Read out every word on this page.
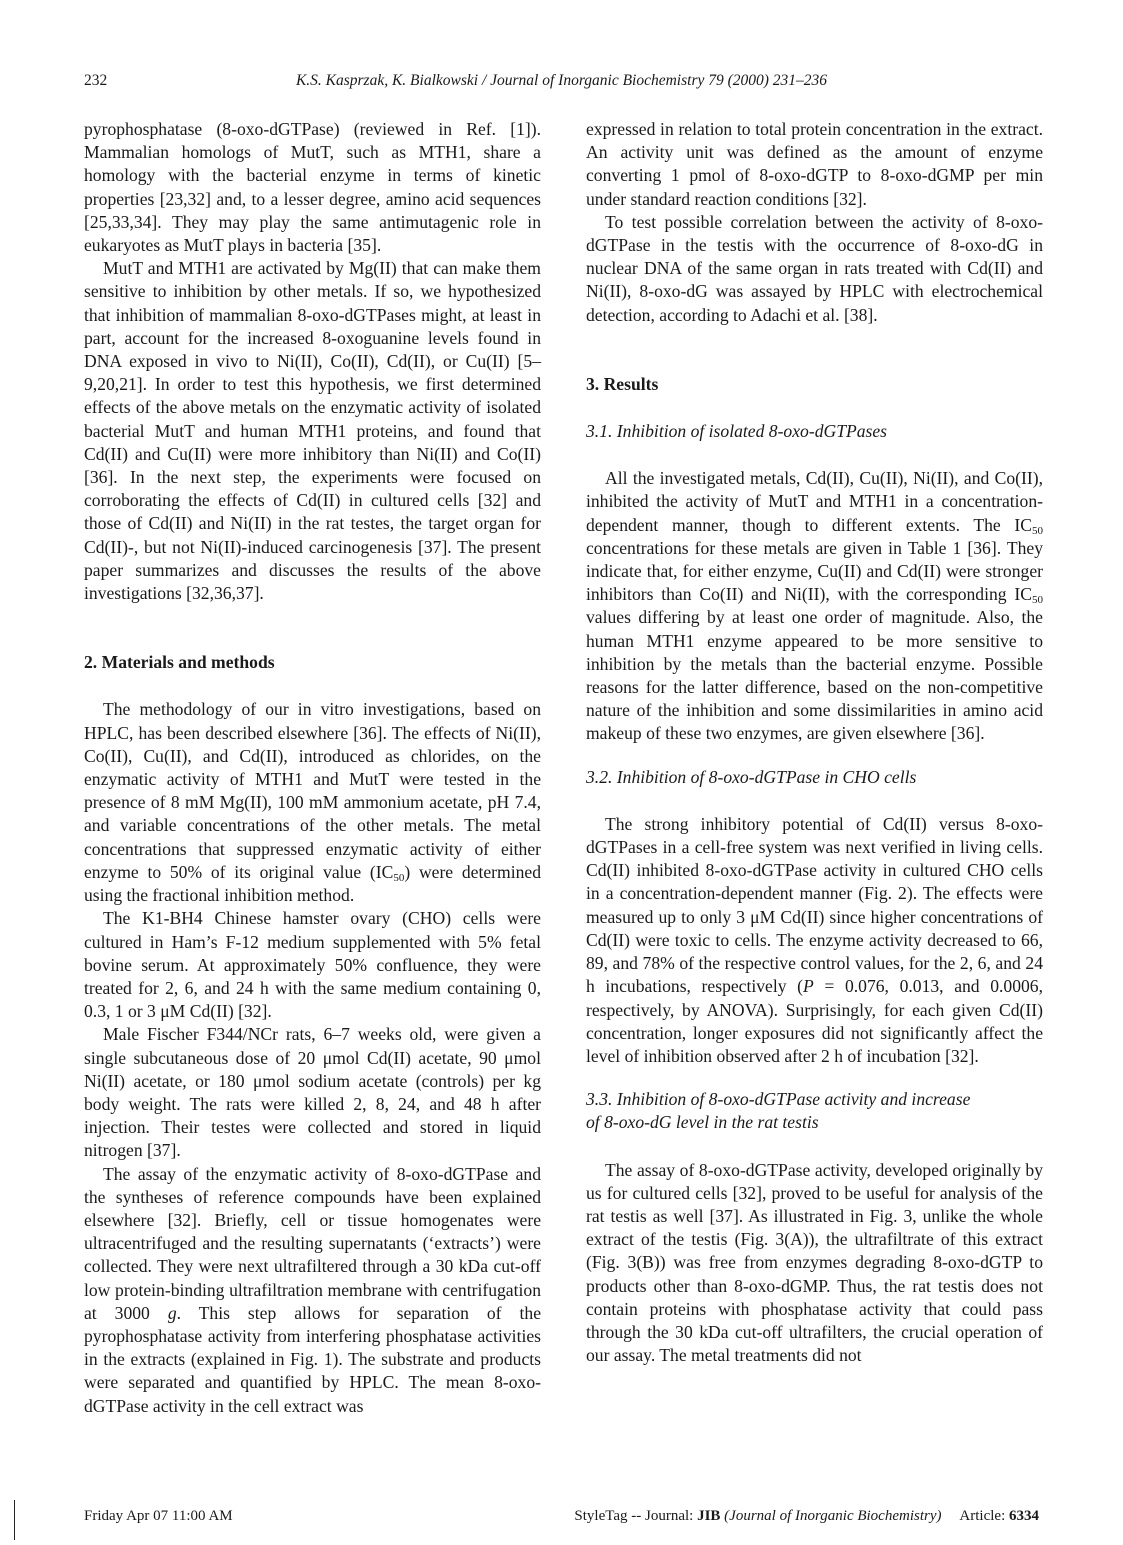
232	K.S. Kasprzak, K. Bialkowski / Journal of Inorganic Biochemistry 79 (2000) 231–236

pyrophosphatase (8-oxo-dGTPase) (reviewed in Ref. [1]). Mammalian homologs of MutT, such as MTH1, share a homology with the bacterial enzyme in terms of kinetic properties [23,32] and, to a lesser degree, amino acid sequences [25,33,34]. They may play the same antimutagenic role in eukaryotes as MutT plays in bacteria [35].

MutT and MTH1 are activated by Mg(II) that can make them sensitive to inhibition by other metals. If so, we hypothesized that inhibition of mammalian 8-oxo-dGTPases might, at least in part, account for the increased 8-oxoguanine levels found in DNA exposed in vivo to Ni(II), Co(II), Cd(II), or Cu(II) [5–9,20,21]. In order to test this hypothesis, we first determined effects of the above metals on the enzymatic activity of isolated bacterial MutT and human MTH1 proteins, and found that Cd(II) and Cu(II) were more inhibitory than Ni(II) and Co(II) [36]. In the next step, the experiments were focused on corroborating the effects of Cd(II) in cultured cells [32] and those of Cd(II) and Ni(II) in the rat testes, the target organ for Cd(II)-, but not Ni(II)-induced carcinogenesis [37]. The present paper summarizes and discusses the results of the above investigations [32,36,37].

2. Materials and methods

The methodology of our in vitro investigations, based on HPLC, has been described elsewhere [36]. The effects of Ni(II), Co(II), Cu(II), and Cd(II), introduced as chlorides, on the enzymatic activity of MTH1 and MutT were tested in the presence of 8 mM Mg(II), 100 mM ammonium acetate, pH 7.4, and variable concentrations of the other metals. The metal concentrations that suppressed enzymatic activity of either enzyme to 50% of its original value $(IC_{50})$ were determined using the fractional inhibition method.

The K1-BH4 Chinese hamster ovary (CHO) cells were cultured in Ham’s F-12 medium supplemented with 5% fetal bovine serum. At approximately 50% confluence, they were treated for 2, 6, and 24 h with the same medium containing 0, 0.3, 1 or 3 μM Cd(II) [32].

Male Fischer F344/NCr rats, 6–7 weeks old, were given a single subcutaneous dose of 20 μmol Cd(II) acetate, 90 μmol Ni(II) acetate, or 180 μmol sodium acetate (controls) per kg body weight. The rats were killed 2, 8, 24, and 48 h after injection. Their testes were collected and stored in liquid nitrogen [37].

The assay of the enzymatic activity of 8-oxo-dGTPase and the syntheses of reference compounds have been explained elsewhere [32]. Briefly, cell or tissue homogenates were ultracentrifuged and the resulting supernatants (‘extracts’) were collected. They were next ultrafiltered through a 30 kDa cut-off low protein-binding ultrafiltration membrane with centrifugation at 3000 g. This step allows for separation of the pyrophosphatase activity from interfering phosphatase activities in the extracts (explained in Fig. 1). The substrate and products were separated and quantified by HPLC. The mean 8-oxo-dGTPase activity in the cell extract was

expressed in relation to total protein concentration in the extract. An activity unit was defined as the amount of enzyme converting 1 pmol of 8-oxo-dGTP to 8-oxo-dGMP per min under standard reaction conditions [32].

To test possible correlation between the activity of 8-oxo-dGTPase in the testis with the occurrence of 8-oxo-dG in nuclear DNA of the same organ in rats treated with Cd(II) and Ni(II), 8-oxo-dG was assayed by HPLC with electrochemical detection, according to Adachi et al. [38].

3. Results
3.1. Inhibition of isolated 8-oxo-dGTPases

All the investigated metals, Cd(II), Cu(II), Ni(II), and Co(II), inhibited the activity of MutT and MTH1 in a concentration-dependent manner, though to different extents. The $IC_{50}$ concentrations for these metals are given in Table 1 [36]. They indicate that, for either enzyme, Cu(II) and Cd(II) were stronger inhibitors than Co(II) and Ni(II), with the corresponding $IC_{50}$ values differing by at least one order of magnitude. Also, the human MTH1 enzyme appeared to be more sensitive to inhibition by the metals than the bacterial enzyme. Possible reasons for the latter difference, based on the non-competitive nature of the inhibition and some dissimilarities in amino acid makeup of these two enzymes, are given elsewhere [36].

3.2. Inhibition of 8-oxo-dGTPase in CHO cells

The strong inhibitory potential of Cd(II) versus 8-oxo-dGTPases in a cell-free system was next verified in living cells. Cd(II) inhibited 8-oxo-dGTPase activity in cultured CHO cells in a concentration-dependent manner (Fig. 2). The effects were measured up to only 3 μM Cd(II) since higher concentrations of Cd(II) were toxic to cells. The enzyme activity decreased to 66, 89, and 78% of the respective control values, for the 2, 6, and 24 h incubations, respectively (P = 0.076, 0.013, and 0.0006, respectively, by ANOVA). Surprisingly, for each given Cd(II) concentration, longer exposures did not significantly affect the level of inhibition observed after 2 h of incubation [32].

3.3. Inhibition of 8-oxo-dGTPase activity and increase
of 8-oxo-dG level in the rat testis

The assay of 8-oxo-dGTPase activity, developed originally by us for cultured cells [32], proved to be useful for analysis of the rat testis as well [37]. As illustrated in Fig. 3, unlike the whole extract of the testis (Fig. 3(A)), the ultrafiltrate of this extract (Fig. 3(B)) was free from enzymes degrading 8-oxo-dGTP to products other than 8-oxo-dGMP. Thus, the rat testis does not contain proteins with phosphatase activity that could pass through the 30 kDa cut-off ultrafilters, the crucial operation of our assay. The metal treatments did not

Friday Apr 07 11:00 AM	StyleTag -- Journal: JIB (Journal of Inorganic Biochemistry)     Article: 6334
